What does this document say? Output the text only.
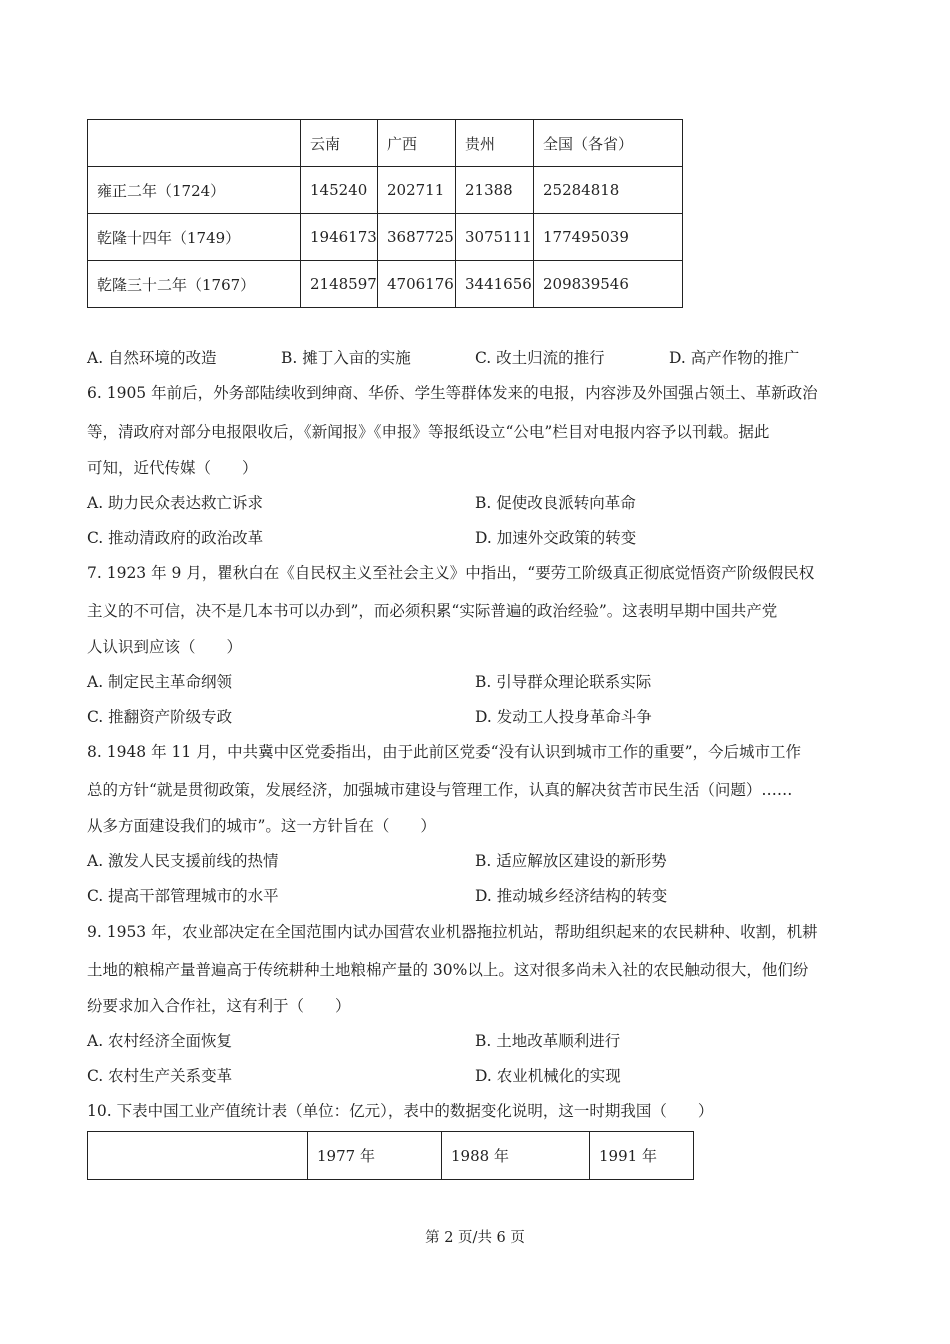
	云南	广西	贵州	全国（各省）
雍正二年（1724）	145240	202711	21388	25284818
乾隆十四年（1749）	1946173	3687725	3075111	177495039
乾隆三十二年（1767）	2148597	4706176	3441656	209839546
A. 自然环境的改造	B. 摊丁入亩的实施	C. 改土归流的推行	D. 高产作物的推广
6. 1905 年前后，外务部陆续收到绅商、华侨、学生等群体发来的电报，内容涉及外国强占领土、革新政治
等，清政府对部分电报限收后，《新闻报》《申报》等报纸设立“公电”栏目对电报内容予以刊载。据此
可知，近代传媒（　　）
A. 助力民众表达救亡诉求	B. 促使改良派转向革命
C. 推动清政府的政治改革	D. 加速外交政策的转变
7. 1923 年 9 月，瞿秋白在《自民权主义至社会主义》中指出，“要劳工阶级真正彻底觉悟资产阶级假民权
主义的不可信，决不是几本书可以办到”，而必须积累“实际普遍的政治经验”。这表明早期中国共产党
人认识到应该（　　）
A. 制定民主革命纲领	B. 引导群众理论联系实际
C. 推翻资产阶级专政	D. 发动工人投身革命斗争
8. 1948 年 11 月，中共冀中区党委指出，由于此前区党委“没有认识到城市工作的重要”，今后城市工作
总的方针“就是贯彻政策，发展经济，加强城市建设与管理工作，认真的解决贫苦市民生活（问题）……
从多方面建设我们的城市”。这一方针旨在（　　）
A. 激发人民支援前线的热情	B. 适应解放区建设的新形势
C. 提高干部管理城市的水平	D. 推动城乡经济结构的转变
9. 1953 年，农业部决定在全国范围内试办国营农业机器拖拉机站，帮助组织起来的农民耕种、收割，机耕
土地的粮棉产量普遍高于传统耕种土地粮棉产量的 30%以上。这对很多尚未入社的农民触动很大，他们纷
纷要求加入合作社，这有利于（　　）
A. 农村经济全面恢复	B. 土地改革顺利进行
C. 农村生产关系变革	D. 农业机械化的实现
10. 下表中国工业产值统计表（单位：亿元），表中的数据变化说明，这一时期我国（　　）
	1977 年	1988 年	1991 年
第 2 页/共 6 页
